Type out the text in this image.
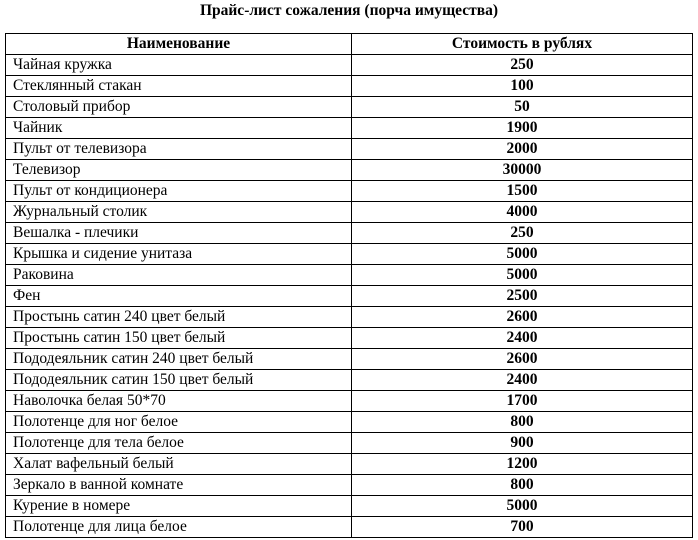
Прайс-лист сожаления (порча имущества)
Наименование	Стоимость в рублях
Чайная кружка	250
Стеклянный стакан	100
Столовый прибор	50
Чайник	1900
Пульт от телевизора	2000
Телевизор	30000
Пульт от кондиционера	1500
Журнальный столик	4000
Вешалка - плечики	250
Крышка и сидение унитаза	5000
Раковина	5000
Фен	2500
Простынь сатин 240 цвет белый	2600
Простынь сатин 150 цвет белый	2400
Пододеяльник сатин 240 цвет белый	2600
Пододеяльник сатин 150 цвет белый	2400
Наволочка белая 50*70	1700
Полотенце для ног белое	800
Полотенце для тела белое	900
Халат вафельный белый	1200
Зеркало в ванной комнате	800
Курение в номере	5000
Полотенце для лица белое	700
